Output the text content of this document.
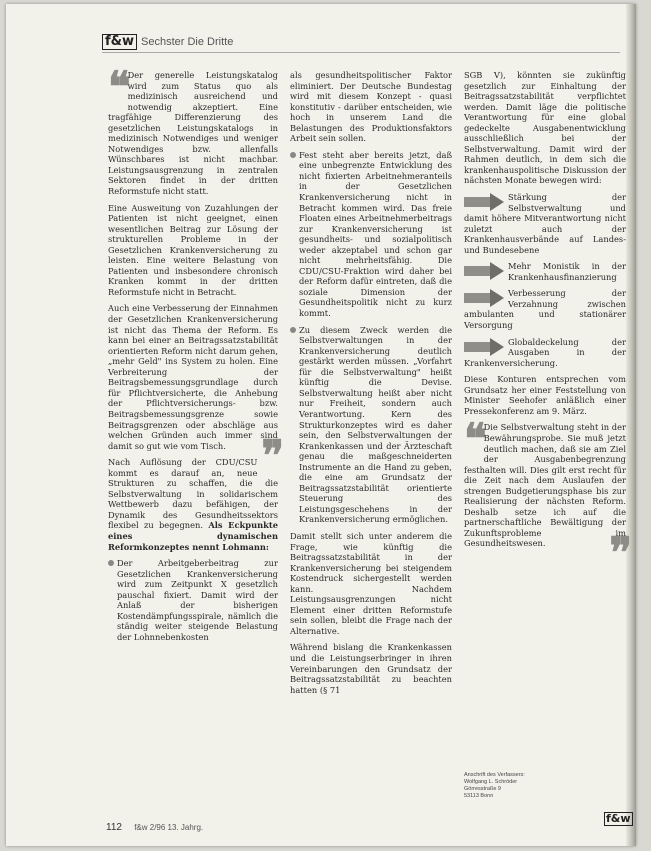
f&w Sechster Die Dritte

❝ Der generelle Leistungskatalog wird zum Status quo als medizinisch ausreichend und notwendig akzeptiert. Eine tragfähige Differenzierung des gesetzlichen Leistungskatalogs in medizinisch Notwendiges und weniger Notwendiges bzw. allenfalls Wünschbares ist nicht machbar. Leistungsausgrenzung in zentralen Sektoren findet in der dritten Reformstufe nicht statt.

Eine Ausweitung von Zuzahlungen der Patienten ist nicht geeignet, einen wesentlichen Beitrag zur Lösung der strukturellen Probleme in der Gesetzlichen Krankenversicherung zu leisten. Eine weitere Belastung von Patienten und insbesondere chronisch Kranken kommt in der dritten Reformstufe nicht in Betracht.

Auch eine Verbesserung der Einnahmen der Gesetzlichen Krankenversicherung ist nicht das Thema der Reform. Es kann bei einer an Beitragssatzstabilität orientierten Reform nicht darum gehen, „mehr Geld" ins System zu holen. Eine Verbreiterung der Beitragsbemessungsgrundlage durch für Pflichtversicherte, die Anhebung der Pflichtversicherungs- bzw. Beitragsbemessungsgrenze sowie Beitragsgrenzen oder abschläge aus welchen Gründen auch immer sind damit so gut wie vom Tisch. ❞

Nach Auflösung der CDU/CSU kommt es darauf an, neue Strukturen zu schaffen, die die Selbstverwaltung in solidarischem Wettbewerb dazu befähigen, der Dynamik des Gesundheitssektors flexibel zu begegnen. Als Eckpunkte eines dynamischen Reformkonzeptes nennt Lohmann:

Der Arbeitgeberbeitrag zur Gesetzlichen Krankenversicherung wird zum Zeitpunkt X gesetzlich pauschal fixiert. Damit wird der Anlaß der bisherigen Kostendämpfungsspirale, nämlich die ständig weiter steigende Belastung der Lohnnebenkosten

als gesundheitspolitischer Faktor eliminiert. Der Deutsche Bundestag wird mit diesem Konzept - quasi konstitutiv - darüber entscheiden, wie hoch in unserem Land die Belastungen des Produktionsfaktors Arbeit sein sollen.

Fest steht aber bereits jetzt, daß eine unbegrenzte Entwicklung des nicht fixierten Arbeitnehmeranteils in der Gesetzlichen Krankenversicherung nicht in Betracht kommen wird. Das freie Floaten eines Arbeitnehmerbeitrags zur Krankenversicherung ist gesundheits- und sozialpolitisch weder akzeptabel und schon gar nicht mehrheitsfähig. Die CDU/CSU-Fraktion wird daher bei der Reform dafür eintreten, daß die soziale Dimension der Gesundheitspolitik nicht zu kurz kommt.

Zu diesem Zweck werden die Selbstverwaltungen in der Krankenversicherung deutlich gestärkt werden müssen. „Vorfahrt für die Selbstverwaltung" heißt künftig die Devise. Selbstverwaltung heißt aber nicht nur Freiheit, sondern auch Verantwortung. Kern des Strukturkonzeptes wird es daher sein, den Selbstverwaltungen der Krankenkassen und der Ärzteschaft genau die maßgeschneiderten Instrumente an die Hand zu geben, die eine am Grundsatz der Beitragssatzstabilität orientierte Steuerung des Leistungsgeschehens in der Krankenversicherung ermöglichen.

Damit stellt sich unter anderem die Frage, wie künftig die Beitragssatzstabilität in der Krankenversicherung bei steigendem Kostendruck sichergestellt werden kann. Nachdem Leistungsausgrenzungen nicht Element einer dritten Reformstufe sein sollen, bleibt die Frage nach der Alternative.

Während bislang die Krankenkassen und die Leistungserbringer in ihren Vereinbarungen den Grundsatz der Beitragssatzstabilität zu beachten hatten (§ 71

SGB V), könnten sie zukünftig gesetzlich zur Einhaltung der Beitragssatzstabilität verpflichtet werden. Damit läge die politische Verantwortung für eine global gedeckelte Ausgabenentwicklung ausschließlich bei der Selbstverwaltung. Damit wird der Rahmen deutlich, in dem sich die krankenhauspolitische Diskussion der nächsten Monate bewegen wird:

Stärkung der Selbstverwaltung und damit höhere Mitverantwortung nicht zuletzt auch der Krankenhausverbände auf Landes- und Bundesebene
Mehr Monistik in der Krankenhausfinanzierung
Verbesserung der Verzahnung zwischen ambulanten und stationärer Versorgung
Globaldeckelung der Ausgaben in der Krankenversicherung.

Diese Konturen entsprechen vom Grundsatz her einer Feststellung von Minister Seehofer anläßlich einer Pressekonferenz am 9. März.

❝ Die Selbstverwaltung steht in der Bewährungsprobe. Sie muß jetzt deutlich machen, daß sie am Ziel der Ausgabenbegrenzung festhalten will. Dies gilt erst recht für die Zeit nach dem Auslaufen der strengen Budgetierungsphase bis zur Realisierung der nächsten Reform. Deshalb setze ich auf die partnerschaftliche Bewältigung der Zukunftsprobleme im Gesundheitswesen. ❞

Anschrift des Verfassers:
Wolfgang L. Schröder
Görresstraße 9
53113 Bonn
f&w
112 f&w 2/96 13. Jahrg.
